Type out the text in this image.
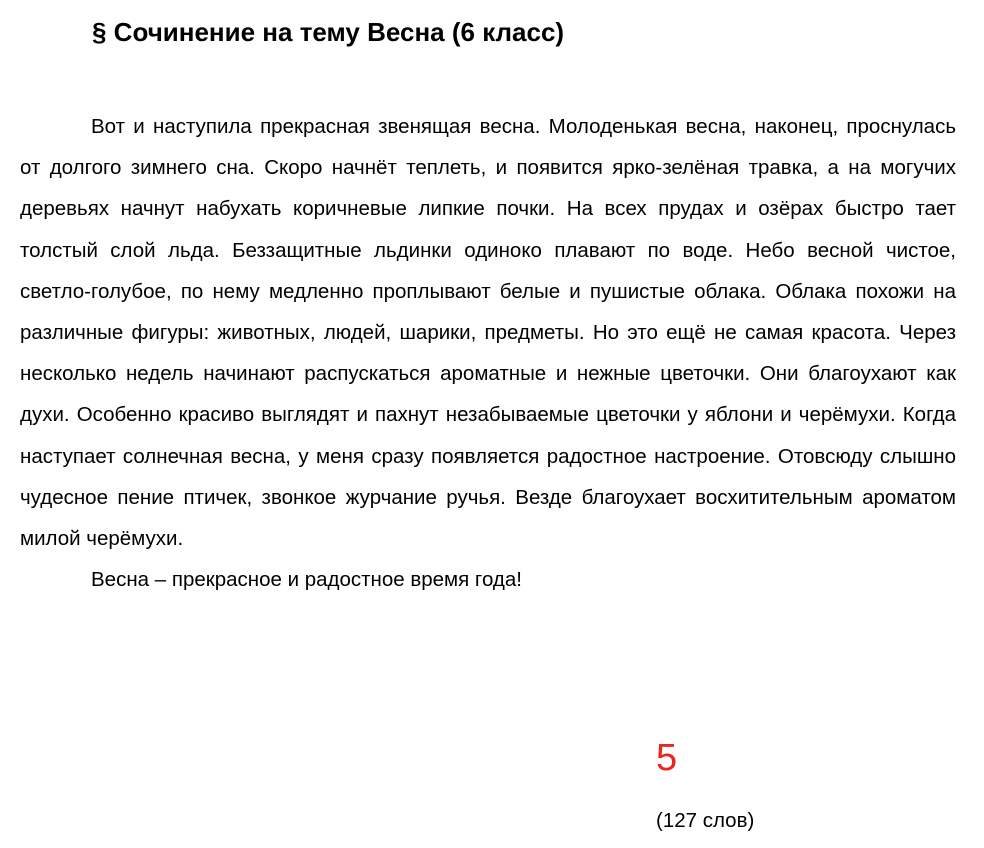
§ Сочинение на тему Весна (6 класс)

Вот и наступила прекрасная звенящая весна. Молоденькая весна, наконец, проснулась от долгого зимнего сна. Скоро начнёт теплеть, и появится ярко-зелёная травка, а на могучих деревьях начнут набухать коричневые липкие почки. На всех прудах и озёрах быстро тает толстый слой льда. Беззащитные льдинки одиноко плавают по воде. Небо весной чистое, светло-голубое, по нему медленно проплывают белые и пушистые облака. Облака похожи на различные фигуры: животных, людей, шарики, предметы. Но это ещё не самая красота. Через несколько недель начинают распускаться ароматные и нежные цветочки. Они благоухают как духи. Особенно красиво выглядят и пахнут незабываемые цветочки у яблони и черёмухи. Когда наступает солнечная весна, у меня сразу появляется радостное настроение. Отовсюду слышно чудесное пение птичек, звонкое журчание ручья. Везде благоухает восхитительным ароматом милой черёмухи.

Весна – прекрасное и радостное время года!

5
(127 слов)
